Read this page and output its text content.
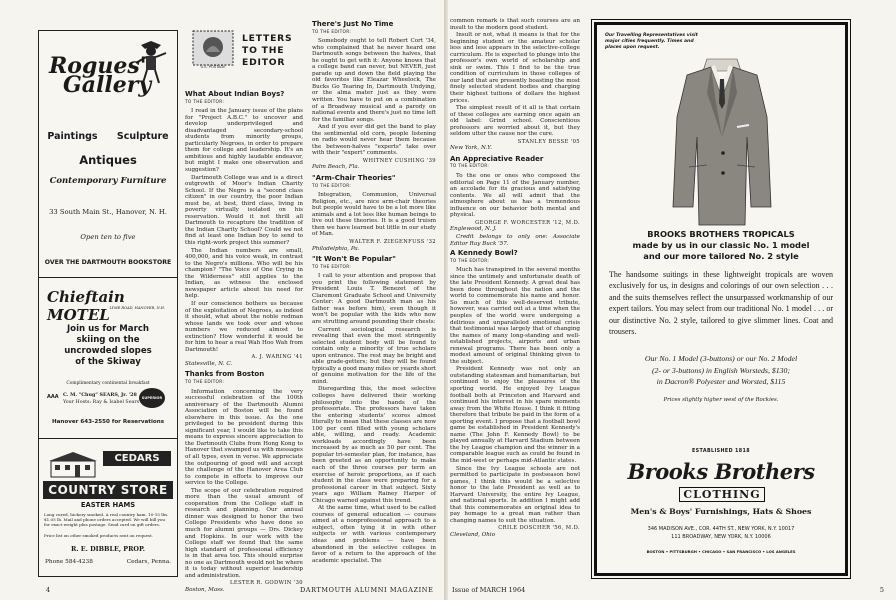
Rogues'
Gallery
Paintings Sculpture
Antiques
Contemporary Furniture
33 South Main St., Hanover, N. H.
Open ten to five
OVER THE DARTMOUTH BOOKSTORE
Chieftain MOTEL LYME ROAD, HANOVER, N.H.
Join us for March skiing on the uncrowded slopes of the Skiway
Complimentary continental breakfast
AAA C. M. "Chug" SEARS, Jr. '28
Your Hosts: Ray & Isabel Sears
SUPERIOR
Hanover 643-2550 for Reservations
CEDARS
COUNTRY STORE
EASTER HAMS
Long cured, hickory smoked. A real country ham. 10-15 lbs. $1.05 lb. Mail and phone orders accepted. We will bill you for exact weight plus postage. Send card on gift orders.
Price list on other smoked products sent on request.
R. E. DIBBLE, PROP.
Phone 584-4238	Cedars, Penna.
U.S. POSTAGE
LETTERS
TO THE
EDITOR
What About Indian Boys?
TO THE EDITOR:

I read in the January issue of the plans for "Project A.B.C." to uncover and develop underprivileged and disadvantaged secondary-school students from minority groups, particularly Negroes, in order to prepare them for college and leadership. It's an ambitious and highly laudable endeavor, but might I make one observation and suggestion?

Dartmouth College was and is a direct outgrowth of Moor's Indian Charity School. If the Negro is a "second class citizen" in our country, the poor Indian must be, at best, third class, living in poverty virtually isolated on his reservation. Would it not thrill all Dartmouth to recapture the tradition of the Indian Charity School? Could we not find at least one Indian boy to send to this right-work project this summer?

The Indian numbers are small, 400,000, and his voice weak, in contrast to the Negro's millions. Who will be his champion? "The Voice of One Crying in the Wilderness" still applies to the Indian, as witness the enclosed newspaper article about his need for help.

If our conscience bothers us because of the exploitation of Negroes, as indeed it should, what about the noble redman whose lands we took over and whose numbers we reduced almost to extinction? How wonderful it would be for him to hear a real Wah Hoo Wah from Dartmouth!

A. J. WARING '41
Statesville, N. C.
Thanks from Boston
TO THE EDITOR:

Information concerning the very successful celebration of the 100th anniversary of the Dartmouth Alumni Association of Boston will be found elsewhere in this issue. As the one privileged to be president during this significant year, I would like to take this means to express sincere appreciation to the Dartmouth Clubs from Hong Kong to Hanover that swamped us with messages of all types, even in verse. We appreciate the outpouring of good will and accept the challenge of the Hanover Area Club to compete in efforts to improve our service to the College.

The scope of our celebration required more than the usual amount of cooperation from the College staff in research and planning. Our annual dinner was designed to honor the two College Presidents who have done so much for alumni groups — Drs. Dickey and Hopkins. In our work with the College staff we found that the same high standard of professional efficiency is in that area too. This should surprise no one as Dartmouth would not be where it is today without superior leadership and administration.

LESTER R. GODWIN '30
Boston, Mass.
There's Just No Time
TO THE EDITOR:

Somebody ought to tell Robert Cort '34, who complained that he never heard one Dartmouth songs between the halves, that he ought to get with it: Anyone knows that a college band can never, but NEVER, just parade up and down the field playing the old favorites like Eleazar Wheelock, The Bucks Go Tearing In, Dartmouth Undying, or the alma mater just as they were written. You have to put on a combination of a Broadway musical and a parody on national events and there's just no time left for the familiar songs.

And if you ever did get the band to play the sentimental old corn, people listening on radio would never hear them because the between-halves "experts" take over with their "expert" comments.

WHITNEY CUSHING '39
Palm Beach, Fla.
"Arm-Chair Theories"
TO THE EDITOR:

Integration, Communion, Universal Religion, etc., are nice arm-chair theories but people would have to be a lot more like animals and a lot less like human beings to live out these theories. It is a good truism then we have learned but little in our study of Man.

WALTER F. ZIEGENFUSS '32
Philadelphia, Pa.
"It Won't Be Popular"
TO THE EDITOR:

I call to your attention and propose that you print the following statement by President Louis T. Benezet of the Claremont Graduate School and University Center: A good Dartmouth man as his father was before him), even though it won't be popular with the kids who now are strutting around pounding their chests:

Current sociological research is revealing that even the most stringently selected student body will be found to contain only a minority of true scholars upon entrance. The rest may be bright and able grade-getters; but they will be found typically a good many miles or yeards short of genuine motivation for the life of the mind.

Disregarding this, the most selective colleges have delivered their working philosophy into the hands of the professoriate. The professors have taken the entering students' scores almost literally to mean that these classes are now 100 per cent filled with young scholars able, willing, and ready. Academic workloads accordingly have been increased by as much as 50 per cent. The popular tri-semester plan, for instance, has been greeted as an opportunity to make each of the three courses per term an exercise of heroic proportions, as if each student in the class were preparing for a professional career in that subject. Sixty years ago William Rainey Harper of Chicago warned against this trend.

At the same time, what used to be called courses of general education — courses aimed at a nonprofessional approach to a subject, often tying it in with other subjects or with various contemporary ideas and problems — have been abandoned in the selective colleges in favor of a return to the approach of the academic specialist. The

4	DARTMOUTH ALUMNI MAGAZINE

common remark is that such courses are an insult to the modern good student.

Insult or not, what it means is that for the beginning student or the amateur scholar less and less appears in the selective-college curriculum. He is expected to plunge into the professor's own world of scholarship and sink or swim. This I find to be the true condition of curriculum in those colleges of our land that are presently boasting the most finely selected student bodies and charging their highest tuitions of dollars the highest prices.

The simplest result of it all is that certain of these colleges are earning once again an old label: Grind school. Conscientious professors are worried about it, but they seldom utter the cause nor the cure.

STANLEY BESSE '05
New York, N.Y.
An Appreciative Reader
TO THE EDITOR:

To the one or ones who composed the editorial on Page 11 of the January number, an accolade for its gracious and satisfying contents. We all will admit that the atmosphere about us has a tremendous influence on our behavior both mental and physical.

GEORGE F. WORCESTER '12, M.D.
Englewood, N. J.

Credit belongs to only one: Associate Editor Ray Buck '57.

A Kennedy Bowl?
TO THE EDITOR:

Much has transpired in the several months since the untimely and unfortunate death of the late President Kennedy. A great deal has been done throughout the nation and the world to commemorate his name and honor. So much of this well-deserved tribute, however, was carried out at a time when the peoples of the world were undergoing a delirious and unparalleled emotional crisis that testimonial was largely that of changing the names of many long-standing and well-established projects, airports and urban renewal programs. There has been only a modest amount of original thinking given to the subject.

President Kennedy was not only an outstanding statesman and humanitarian, but continued to enjoy the pleasures of the sporting world. He enjoyed Ivy League football both at Princeton and Harvard and continued his interest in his spare moments away from the White House. I think it fitting therefore that tribute be paid in the form of a sporting event. I propose that a football bowl game be established in President Kennedy's name (The John F. Kennedy Bowl) to be played annually at Harvard Stadium between the Ivy League champion and the winner in a comparable league such as could be found in the mid-west or perhaps mid-Atlantic states.

Since the Ivy League schools are not permitted to participate in postseason bowl games, I think this would be a selective honor to the late President as well as to Harvard University, the entire Ivy League, and national sports. In addition I might add that this commemorates an original idea to pay homage to a great man rather than changing names to suit the situation.

CRILE DOSCHER '56, M.D.
Cleveland, Ohio
Our Travelling Representatives visit major cities frequently. Times and places upon request.
BROOKS BROTHERS TROPICALS
made by us in our classic No. 1 model
and our more tailored No. 2 style
The handsome suitings in these lightweight tropicals are woven exclusively for us, in designs and colorings of our own selection . . . and the suits themselves reflect the unsurpassed workmanship of our expert tailors. You may select from our traditional No. 1 model . . . or our distinctive No. 2 style, tailored to give slimmer lines. Coat and trousers.
Our No. 1 Model (3-buttons) or our No. 2 Model
(2- or 3-buttons) in English Worsteds, $130;
in Dacron® Polyester and Worsted, $115
Prices slightly higher west of the Rockies.
ESTABLISHED 1818
Brooks Brothers
CLOTHING
Men's & Boys' Furnishings, Hats & Shoes
346 MADISON AVE., COR. 44TH ST., NEW YORK, N.Y. 10017
111 BROADWAY, NEW YORK, N.Y. 10006
BOSTON • PITTSBURGH • CHICAGO • SAN FRANCISCO • LOS ANGELES
Issue of MARCH 1964	5
